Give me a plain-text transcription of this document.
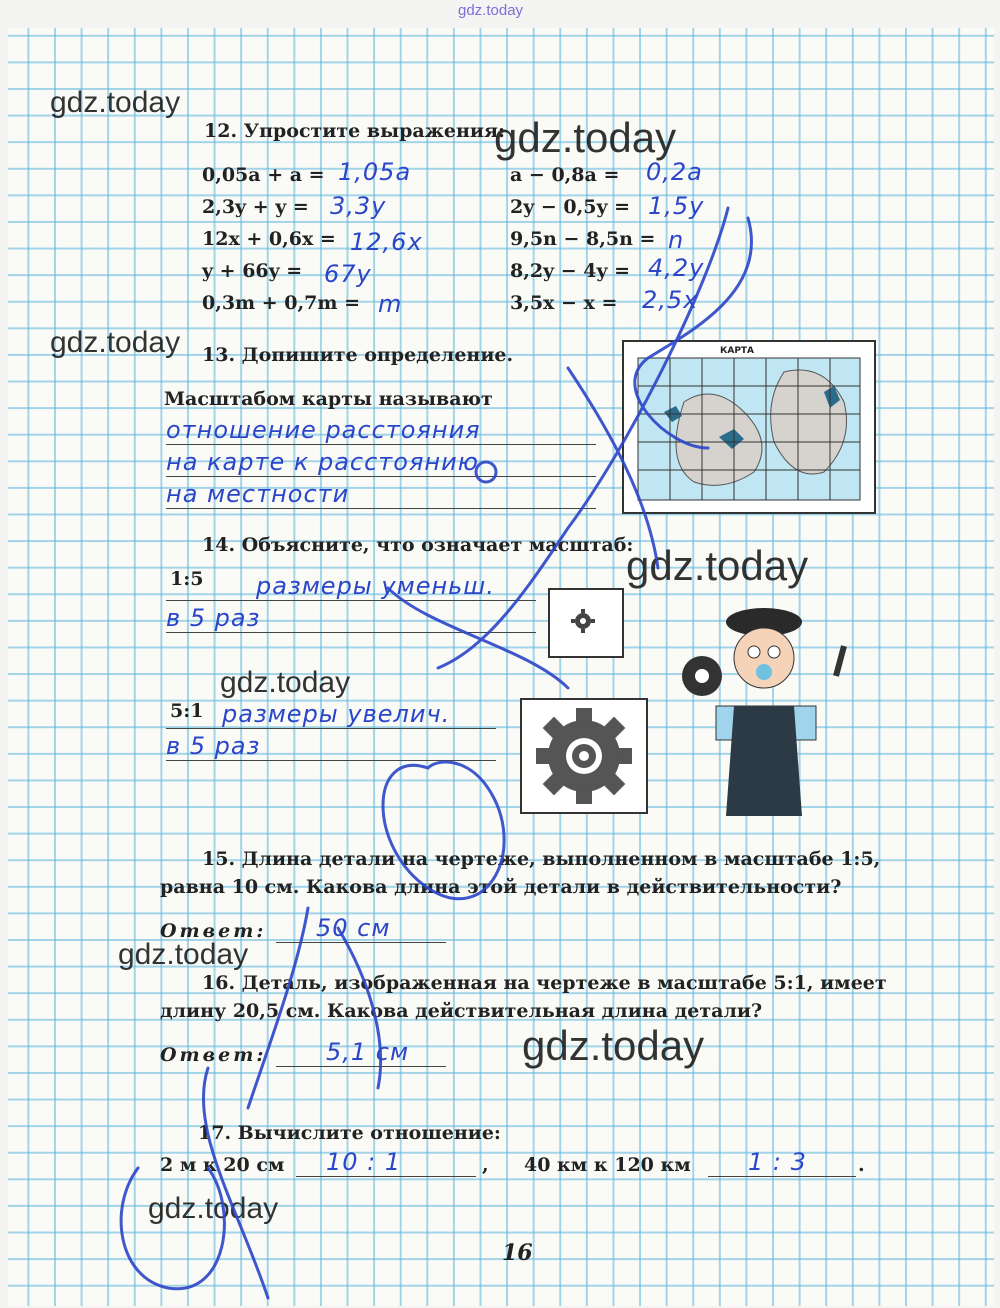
gdz.today
gdz.today
gdz.today
gdz.today
gdz.today
gdz.today
gdz.today
gdz.today
gdz.today
12. Упростите выражения:
0,05a + a = 1,05a
2,3y + y = 3,3y
12x + 0,6x = 12,6x
y + 66y = 67y
0,3m + 0,7m = m
a − 0,8a = 0,2a
2y − 0,5y = 1,5y
9,5n − 8,5n = n
8,2y − 4y = 4,2y
3,5x − x = 2,5x
13. Допишите определение.
Масштабом карты называют
отношение расстояния
на карте к расстоянию
на местности
КАРТА
14. Объясните, что означает масштаб:
1:5	размеры уменьш.
в 5 раз
5:1 размеры увелич.
в 5 раз
15. Длина детали на чертеже, выполненном в масштабе 1:5,
равна 10 см. Какова длина этой детали в действительности?
Ответ:	50 см
16. Деталь, изображенная на чертеже в масштабе 5:1, имеет
длину 20,5 см. Какова действительная длина детали?
Ответ:	5,1 см
17. Вычислите отношение:
2 м к 20 см	10 : 1	, 40 км к 120 км	1 : 3	.
16
